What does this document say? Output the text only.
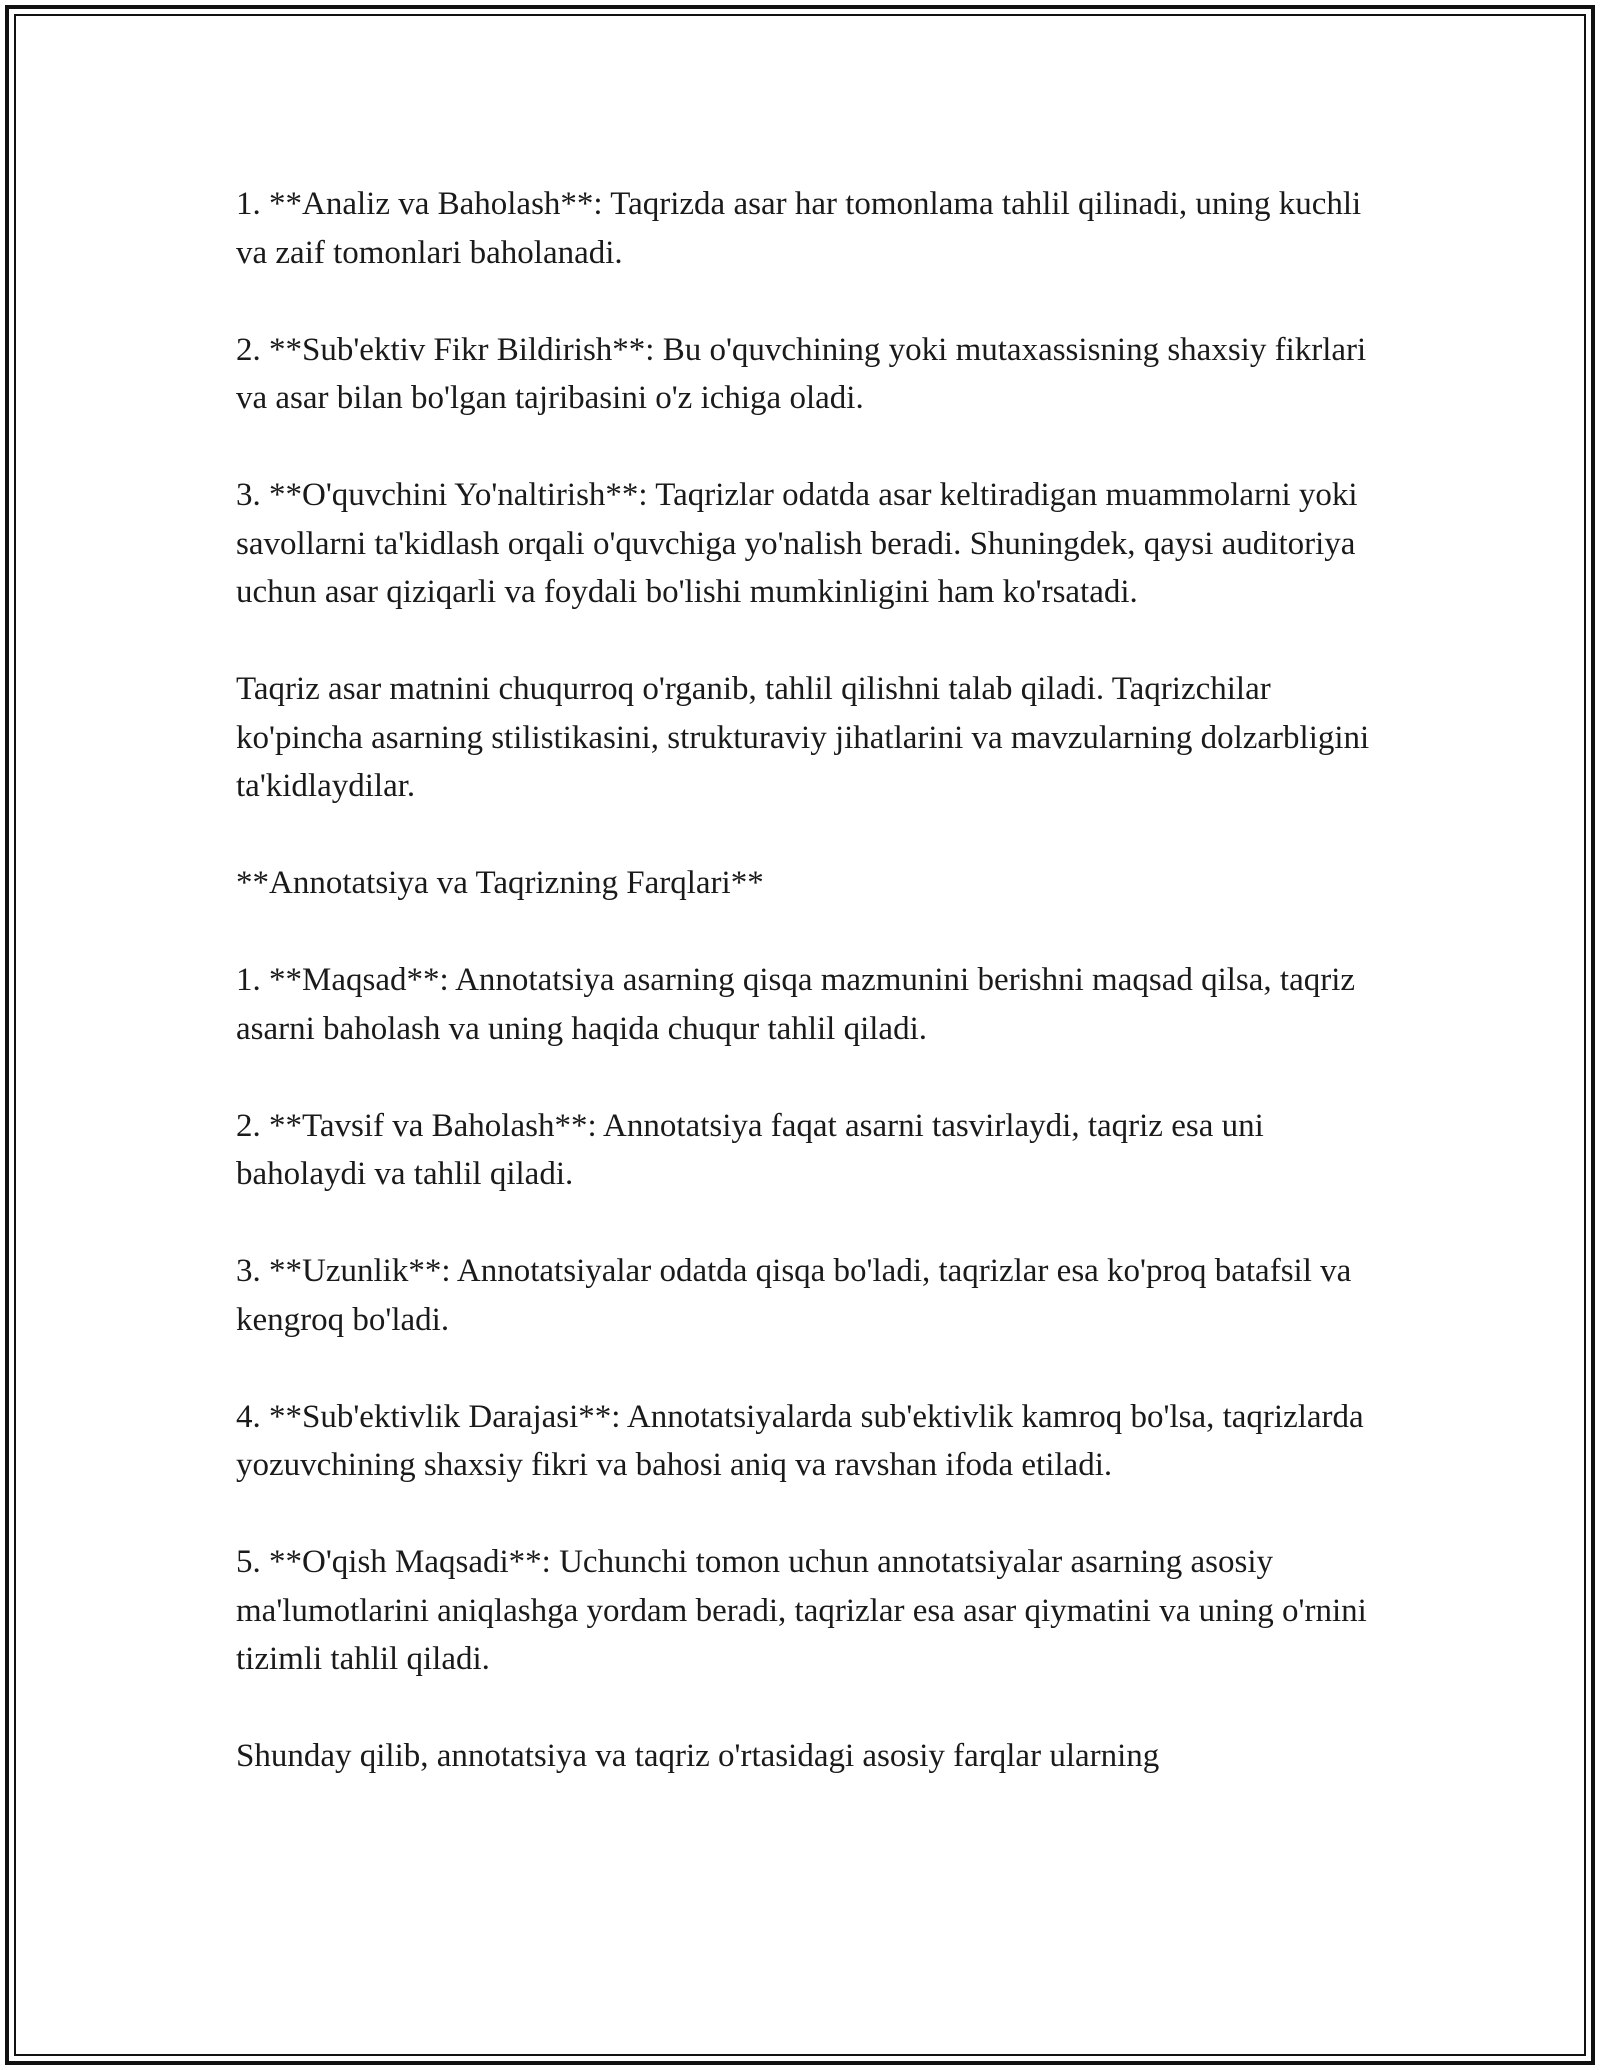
1. **Analiz va Baholash**: Taqrizda asar har tomonlama tahlil qilinadi, uning kuchli va zaif tomonlari baholanadi.

2. **Sub'ektiv Fikr Bildirish**: Bu o'quvchining yoki mutaxassisning shaxsiy fikrlari va asar bilan bo'lgan tajribasini o'z ichiga oladi.

3. **O'quvchini Yo'naltirish**: Taqrizlar odatda asar keltiradigan muammolarni yoki savollarni ta'kidlash orqali o'quvchiga yo'nalish beradi. Shuningdek, qaysi auditoriya uchun asar qiziqarli va foydali bo'lishi mumkinligini ham ko'rsatadi.

Taqriz asar matnini chuqurroq o'rganib, tahlil qilishni talab qiladi. Taqrizchilar ko'pincha asarning stilistikasini, strukturaviy jihatlarini va mavzularning dolzarbligini ta'kidlaydilar.

**Annotatsiya va Taqrizning Farqlari**

1. **Maqsad**: Annotatsiya asarning qisqa mazmunini berishni maqsad qilsa, taqriz asarni baholash va uning haqida chuqur tahlil qiladi.

2. **Tavsif va Baholash**: Annotatsiya faqat asarni tasvirlaydi, taqriz esa uni baholaydi va tahlil qiladi.

3. **Uzunlik**: Annotatsiyalar odatda qisqa bo'ladi, taqrizlar esa ko'proq batafsil va kengroq bo'ladi.

4. **Sub'ektivlik Darajasi**: Annotatsiyalarda sub'ektivlik kamroq bo'lsa, taqrizlarda yozuvchining shaxsiy fikri va bahosi aniq va ravshan ifoda etiladi.

5. **O'qish Maqsadi**: Uchunchi tomon uchun annotatsiyalar asarning asosiy ma'lumotlarini aniqlashga yordam beradi, taqrizlar esa asar qiymatini va uning o'rnini tizimli tahlil qiladi.

Shunday qilib, annotatsiya va taqriz o'rtasidagi asosiy farqlar ularning
